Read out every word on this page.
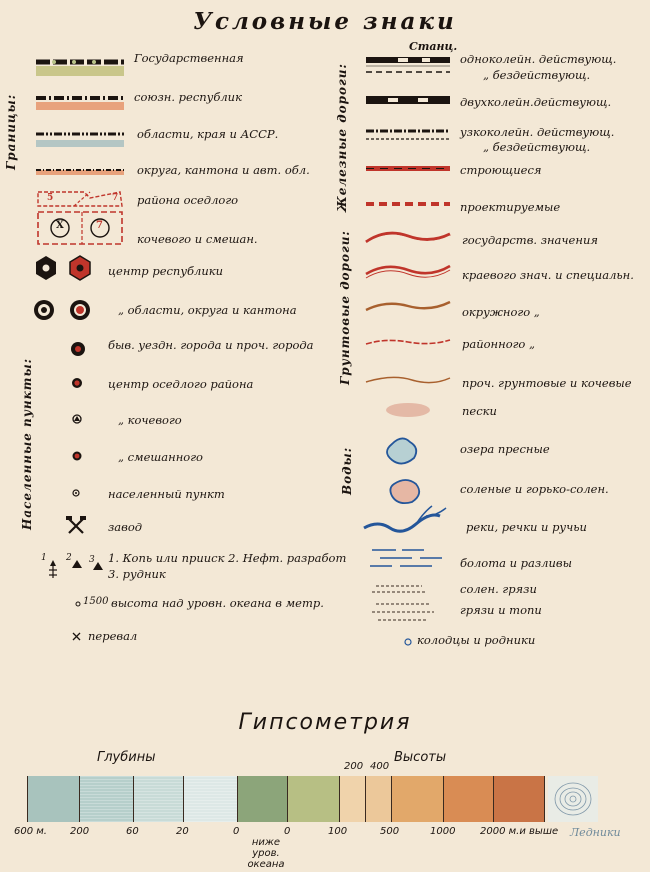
Условные знаки
Границы:
Населенные пункты:
5	7
X	7
Государственная
союзн. республик
области, края и АССР.
округа, кантона и авт. обл.
района оседлого
кочевого и смешан.
центр республики
„ области, округа и кантона
быв. уездн. города и проч. города
центр оседлого района
„ кочевого
„ смешанного
населенный пункт
завод
1 2 3 1. Копь или прииск 2. Нефт. разработ
3. рудник
1500 высота над уровн. океана в метр.
перевал
Железные дороги:
Грунтовые дороги:
Воды:
Станц.
одноколейн. действующ.
„ бездействующ.
двухколейн.действующ.
узкоколейн. действующ.
„ бездействующ.
строющиеся
проектируемые
государств. значения
краевого знач. и специальн.
окружного „
районного „
проч. грунтовые и кочевые
пески
озера пресные
соленые и горько-солен.
реки, речки и ручьи
болота и разливы
солен. грязи
грязи и топи
колодцы и родники
Гипсометрия
Глубины	Высоты
200 400
Ледники
600 м. 200	60	20	0	0	100	500	1000 2000 м.и выше
ниже уров. океана
